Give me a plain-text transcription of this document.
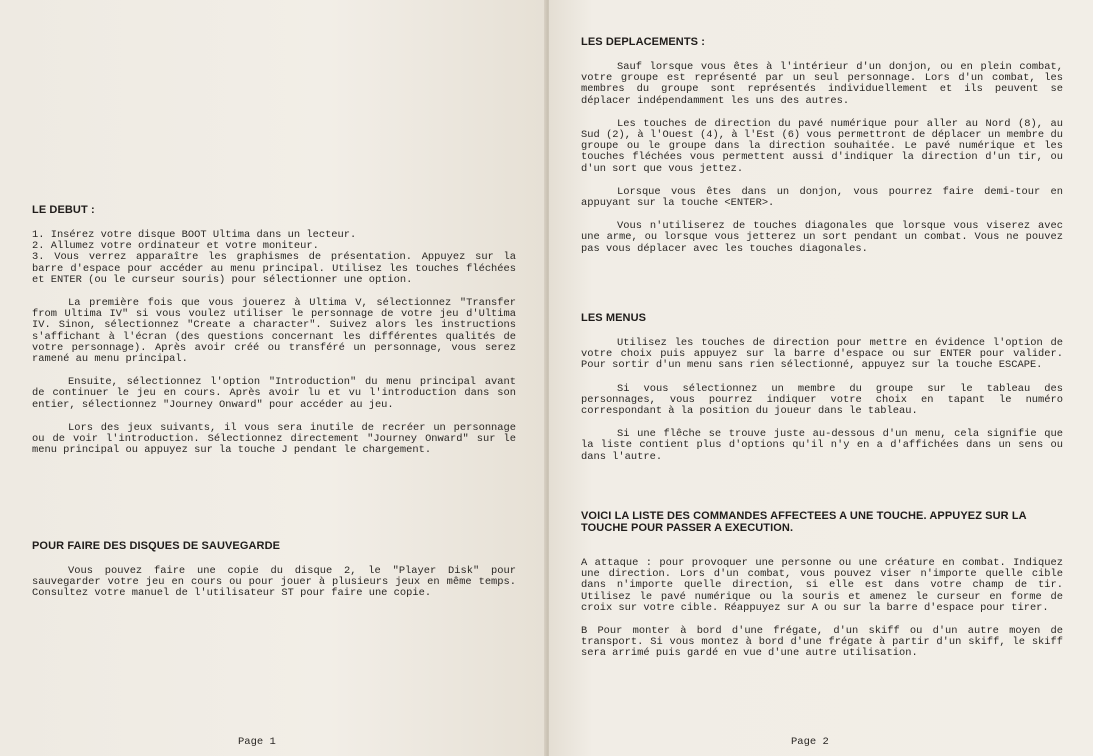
LE DEBUT :
1. Insérez votre disque BOOT Ultima dans un lecteur.
2. Allumez votre ordinateur et votre moniteur.
3. Vous verrez apparaître les graphismes de présentation. Appuyez sur la barre d'espace pour accéder au menu principal. Utilisez les touches fléchées et ENTER (ou le curseur souris) pour sélectionner une option.

La première fois que vous jouerez à Ultima V, sélectionnez "Transfer from Ultima IV" si vous voulez utiliser le personnage de votre jeu d'Ultima IV. Sinon, sélectionnez "Create a character". Suivez alors les instructions s'affichant à l'écran (des questions concernant les différentes qualités de votre personnage). Après avoir créé ou transféré un personnage, vous serez ramené au menu principal.

Ensuite, sélectionnez l'option "Introduction" du menu principal avant de continuer le jeu en cours. Après avoir lu et vu l'introduction dans son entier, sélectionnez "Journey Onward" pour accéder au jeu.

Lors des jeux suivants, il vous sera inutile de recréer un personnage ou de voir l'introduction. Sélectionnez directement "Journey Onward" sur le menu principal ou appuyez sur la touche J pendant le chargement.

POUR FAIRE DES DISQUES DE SAUVEGARDE

Vous pouvez faire une copie du disque 2, le "Player Disk" pour sauvegarder votre jeu en cours ou pour jouer à plusieurs jeux en même temps. Consultez votre manuel de l'utilisateur ST pour faire une copie.

Page 1
LES DEPLACEMENTS :

Sauf lorsque vous êtes à l'intérieur d'un donjon, ou en plein combat, votre groupe est représenté par un seul personnage. Lors d'un combat, les membres du groupe sont représentés individuellement et ils peuvent se déplacer indépendamment les uns des autres.

Les touches de direction du pavé numérique pour aller au Nord (8), au Sud (2), à l'Ouest (4), à l'Est (6) vous permettront de déplacer un membre du groupe ou le groupe dans la direction souhaitée. Le pavé numérique et les touches fléchées vous permettent aussi d'indiquer la direction d'un tir, ou d'un sort que vous jettez.

Lorsque vous êtes dans un donjon, vous pourrez faire demi-tour en appuyant sur la touche <ENTER>.

Vous n'utiliserez de touches diagonales que lorsque vous viserez avec une arme, ou lorsque vous jetterez un sort pendant un combat. Vous ne pouvez pas vous déplacer avec les touches diagonales.

LES MENUS

Utilisez les touches de direction pour mettre en évidence l'option de votre choix puis appuyez sur la barre d'espace ou sur ENTER pour valider. Pour sortir d'un menu sans rien sélectionné, appuyez sur la touche ESCAPE.

Si vous sélectionnez un membre du groupe sur le tableau des personnages, vous pourrez indiquer votre choix en tapant le numéro correspondant à la position du joueur dans le tableau.

Si une flêche se trouve juste au-dessous d'un menu, cela signifie que la liste contient plus d'options qu'il n'y en a d'affichées dans un sens ou dans l'autre.

VOICI LA LISTE DES COMMANDES AFFECTEES A UNE TOUCHE. APPUYEZ SUR LA TOUCHE POUR PASSER A EXECUTION.

A attaque : pour provoquer une personne ou une créature en combat. Indiquez une direction. Lors d'un combat, vous pouvez viser n'importe quelle cible dans n'importe quelle direction, si elle est dans votre champ de tir. Utilisez le pavé numérique ou la souris et amenez le curseur en forme de croix sur votre cible. Réappuyez sur A ou sur la barre d'espace pour tirer.

B Pour monter à bord d'une frégate, d'un skiff ou d'un autre moyen de transport. Si vous montez à bord d'une frégate à partir d'un skiff, le skiff sera arrimé puis gardé en vue d'une autre utilisation.

Page 2
